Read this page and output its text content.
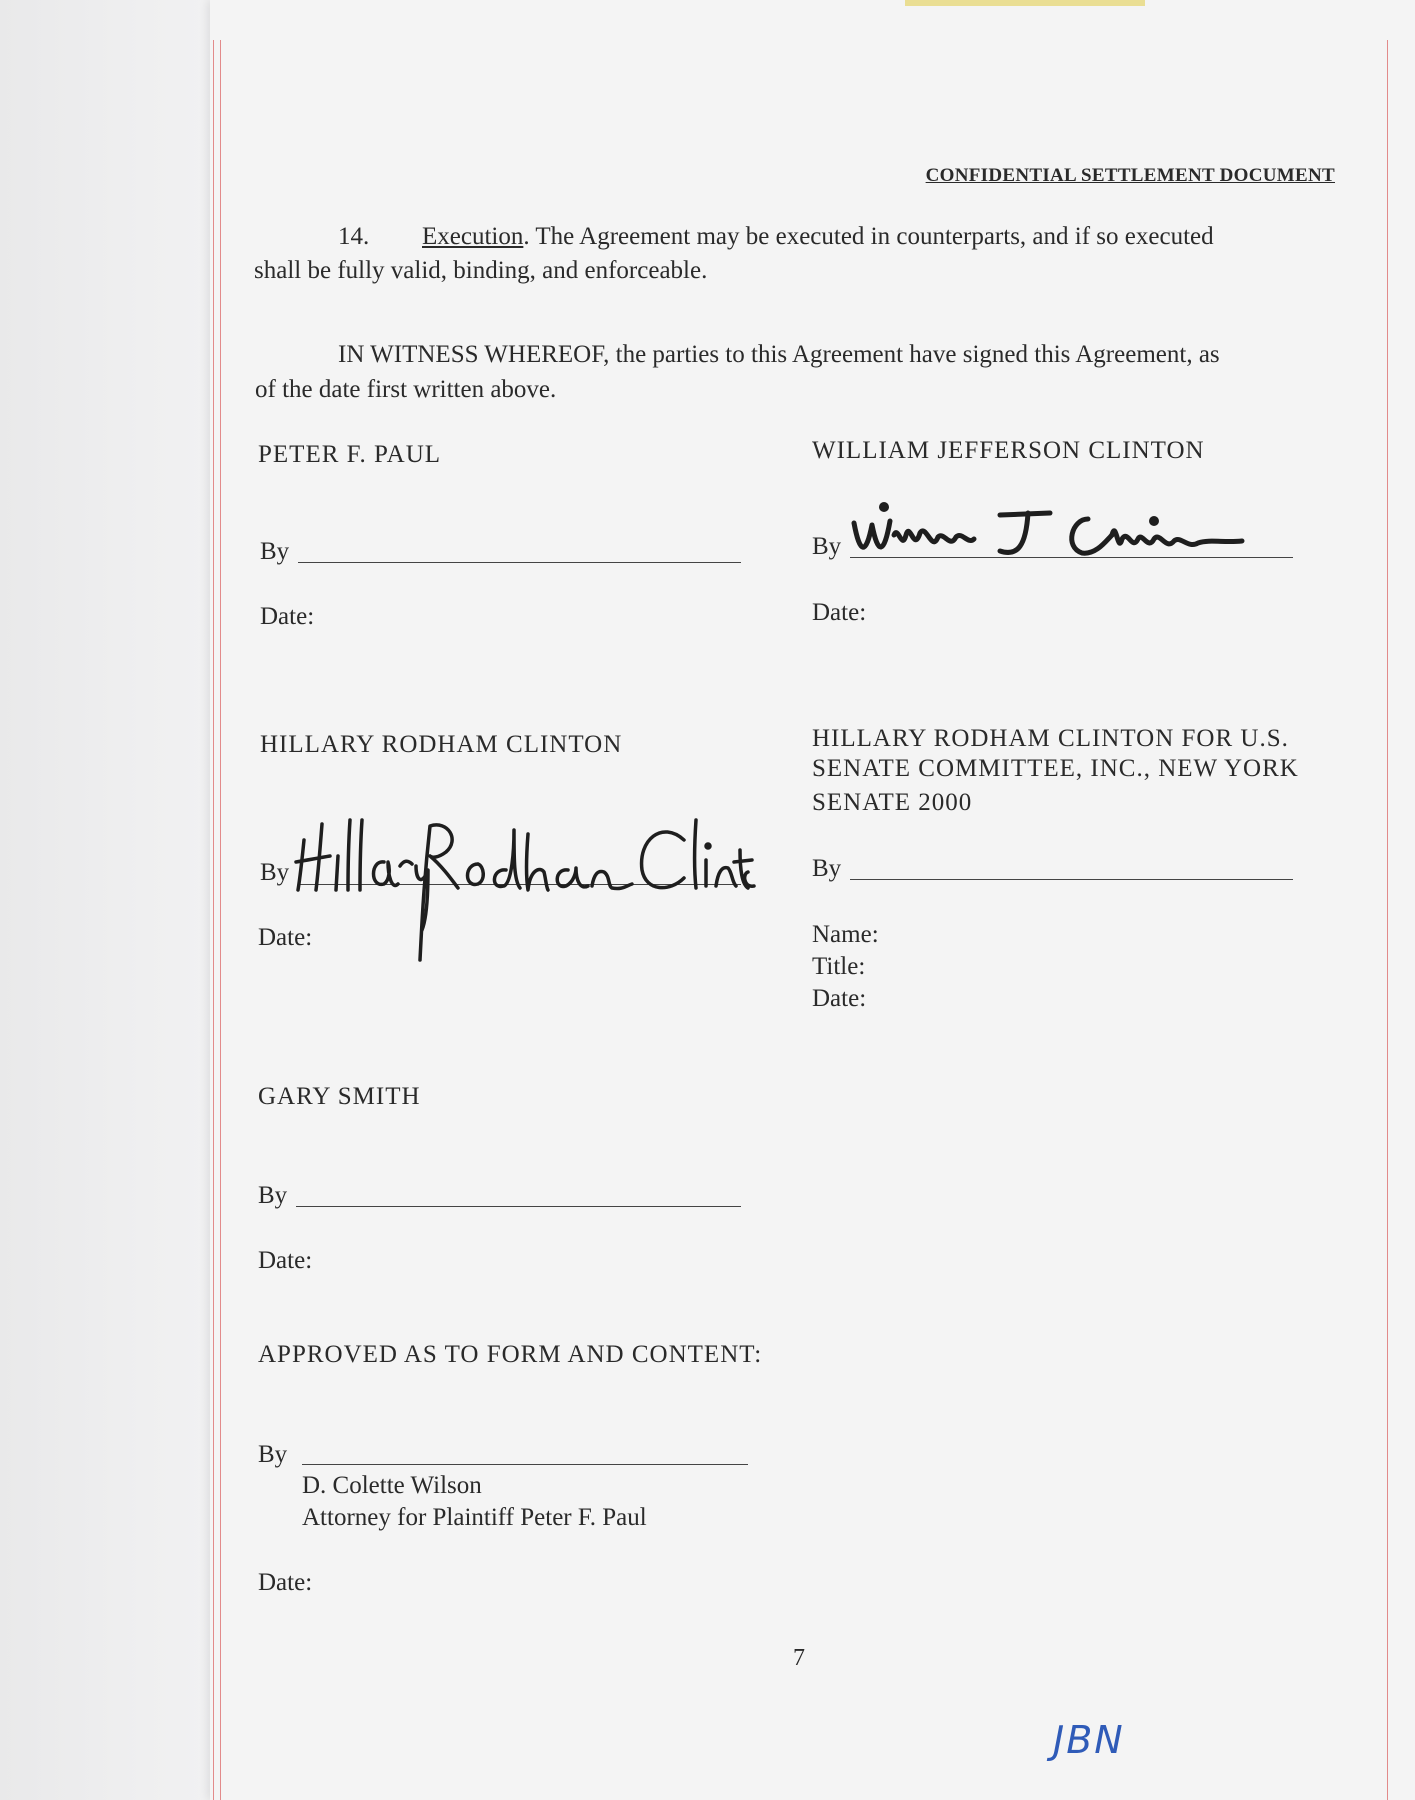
CONFIDENTIAL SETTLEMENT DOCUMENT
14. Execution. The Agreement may be executed in counterparts, and if so executed
shall be fully valid, binding, and enforceable.
IN WITNESS WHEREOF, the parties to this Agreement have signed this Agreement, as
of the date first written above.
PETER F. PAUL
By
Date:
WILLIAM JEFFERSON CLINTON
By
Date:
HILLARY RODHAM CLINTON
By
Date:
HILLARY RODHAM CLINTON FOR U.S.
SENATE COMMITTEE, INC., NEW YORK
SENATE 2000
By
Name:
Title:
Date:
GARY SMITH
By
Date:
APPROVED AS TO FORM AND CONTENT:
By
D. Colette Wilson
Attorney for Plaintiff Peter F. Paul
Date:
7
JBN
